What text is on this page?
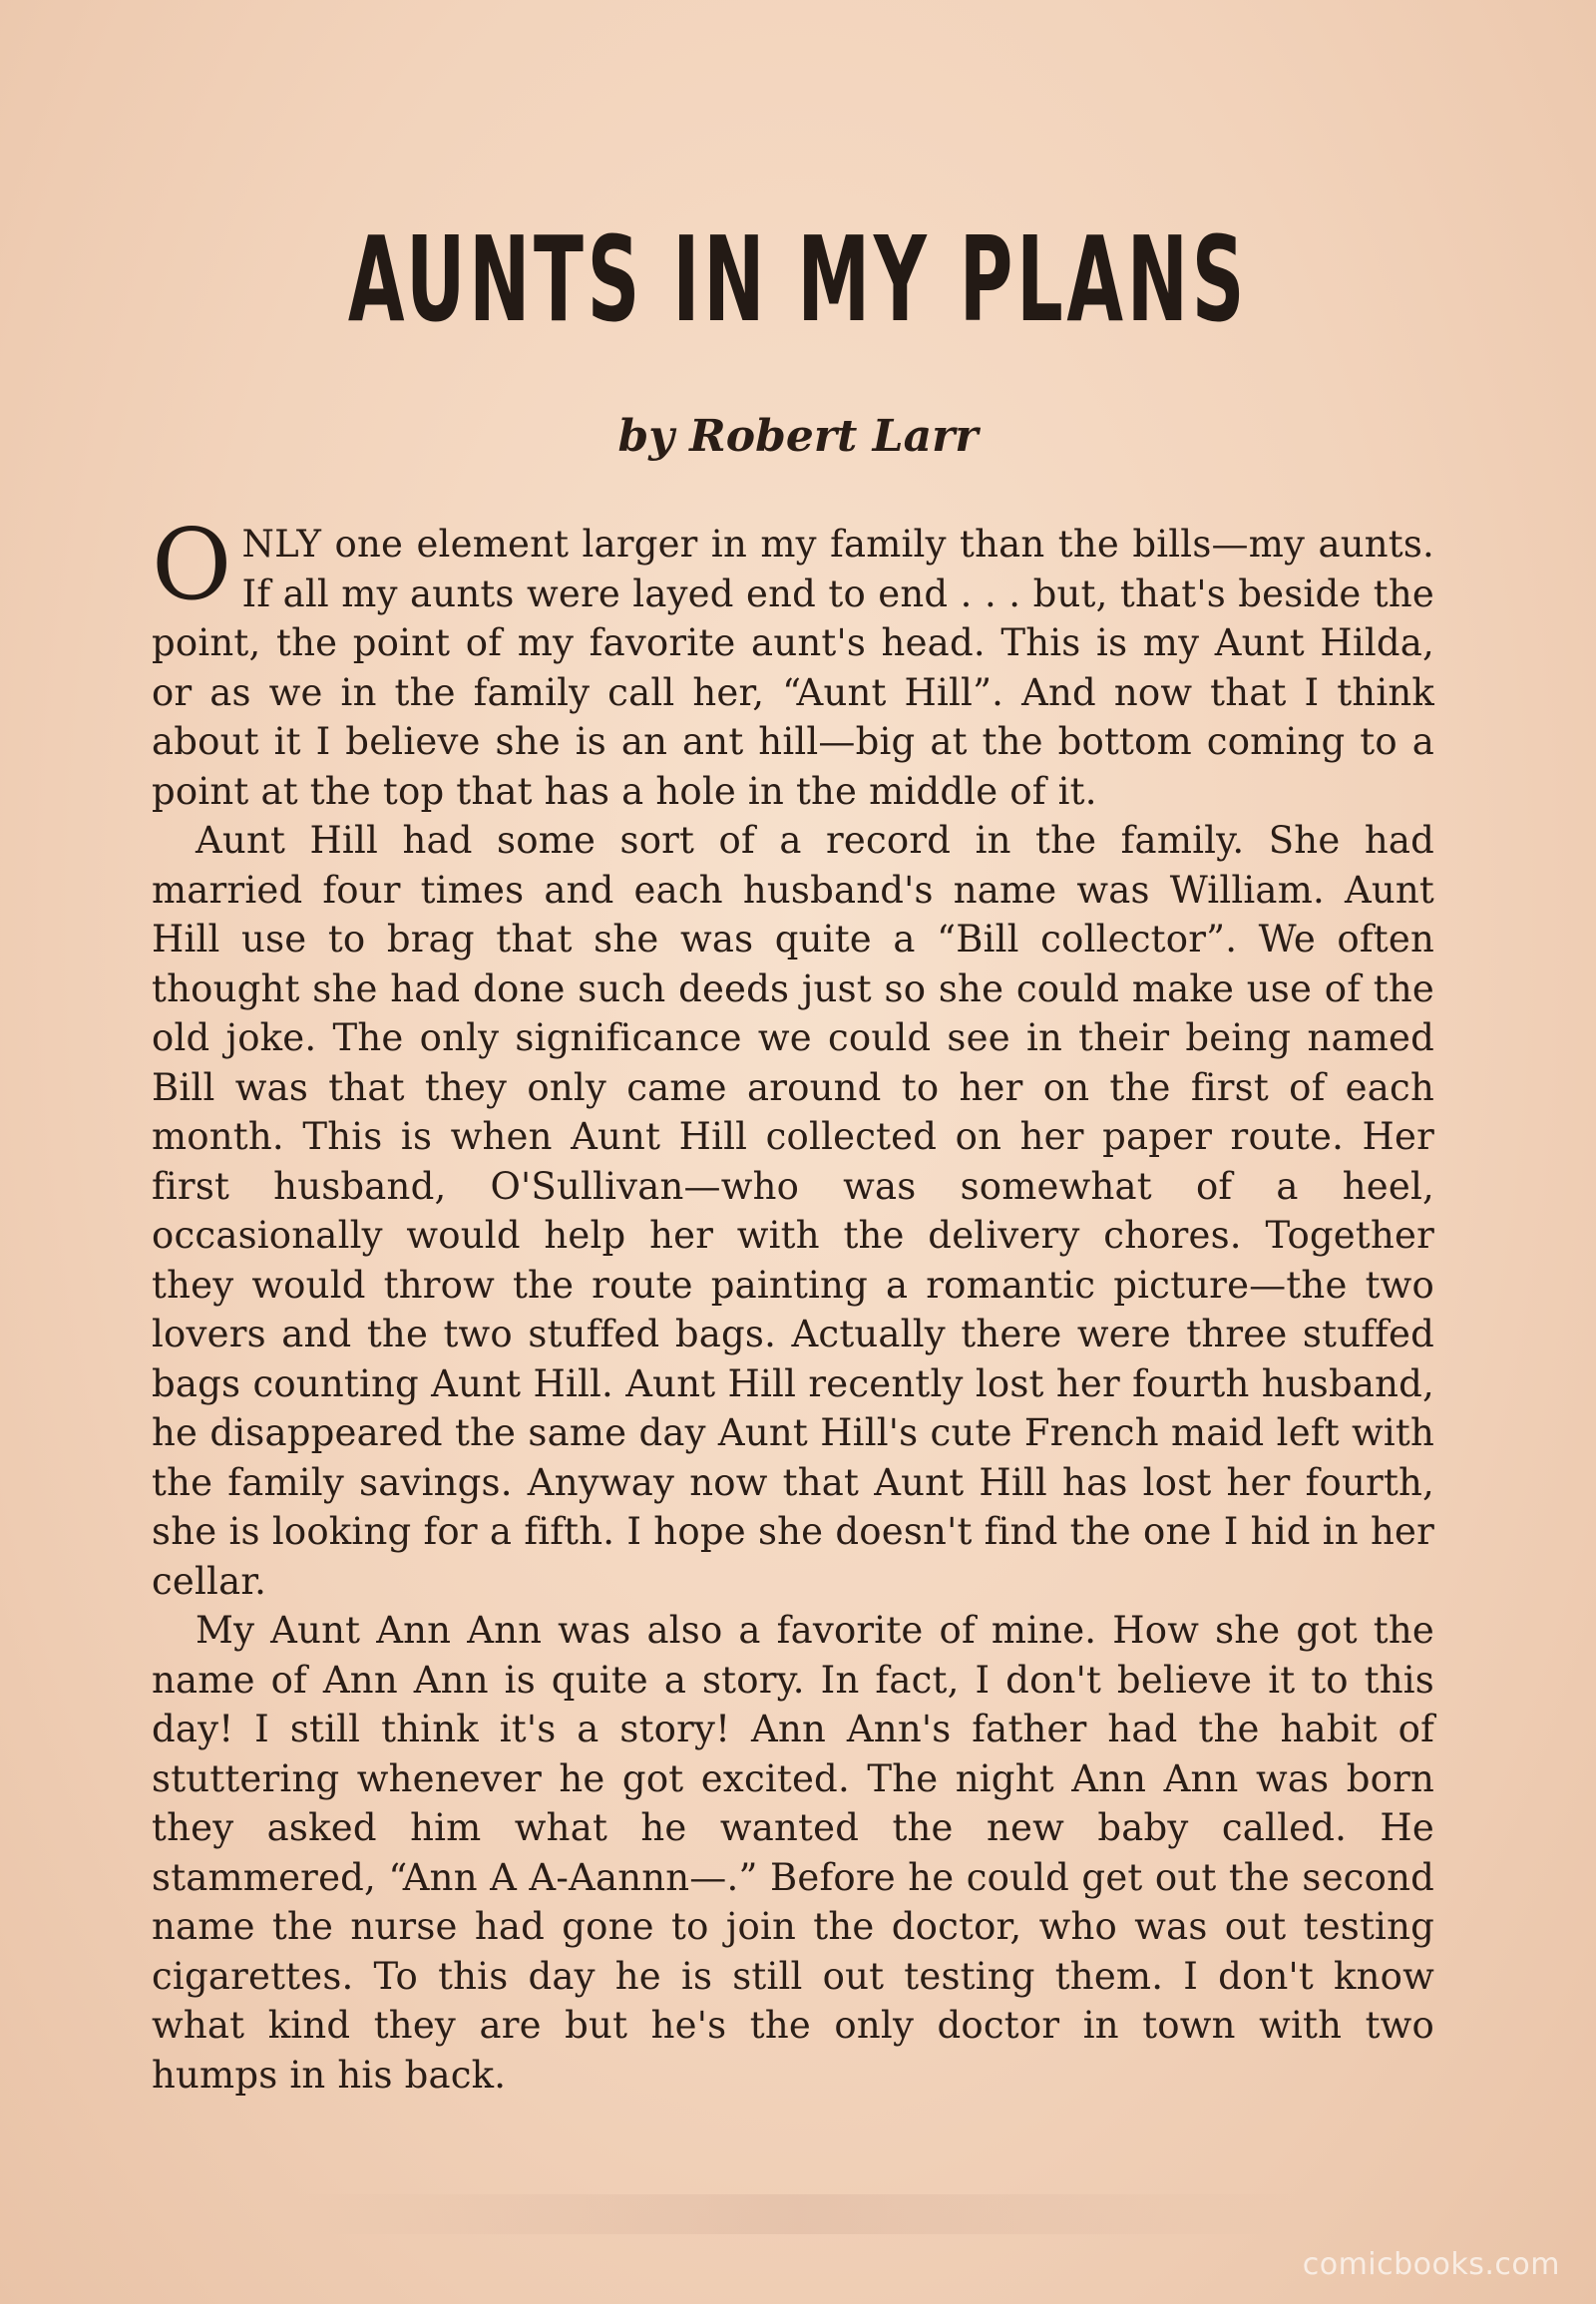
AUNTS IN MY PLANS
by Robert Larr

ONLY one element larger in my family than the bills—my aunts. If all my aunts were layed end to end . . . but, that's beside the point, the point of my favorite aunt's head. This is my Aunt Hilda, or as we in the family call her, “Aunt Hill”. And now that I think about it I believe she is an ant hill—big at the bottom coming to a point at the top that has a hole in the middle of it.

Aunt Hill had some sort of a record in the family. She had married four times and each husband's name was William. Aunt Hill use to brag that she was quite a “Bill collector”. We often thought she had done such deeds just so she could make use of the old joke. The only significance we could see in their being named Bill was that they only came around to her on the first of each month. This is when Aunt Hill collected on her paper route. Her first husband, O'Sullivan—who was somewhat of a heel, occasionally would help her with the delivery chores. Together they would throw the route painting a romantic picture—the two lovers and the two stuffed bags. Actually there were three stuffed bags counting Aunt Hill. Aunt Hill recently lost her fourth husband, he disappeared the same day Aunt Hill's cute French maid left with the family savings. Anyway now that Aunt Hill has lost her fourth, she is looking for a fifth. I hope she doesn't find the one I hid in her cellar.

My Aunt Ann Ann was also a favorite of mine. How she got the name of Ann Ann is quite a story. In fact, I don't believe it to this day! I still think it's a story! Ann Ann's father had the habit of stuttering whenever he got excited. The night Ann Ann was born they asked him what he wanted the new baby called. He stammered, “Ann A A-Aannn—.” Before he could get out the second name the nurse had gone to join the doctor, who was out testing cigarettes. To this day he is still out testing them. I don't know what kind they are but he's the only doctor in town with two humps in his back.

comicbooks.com
